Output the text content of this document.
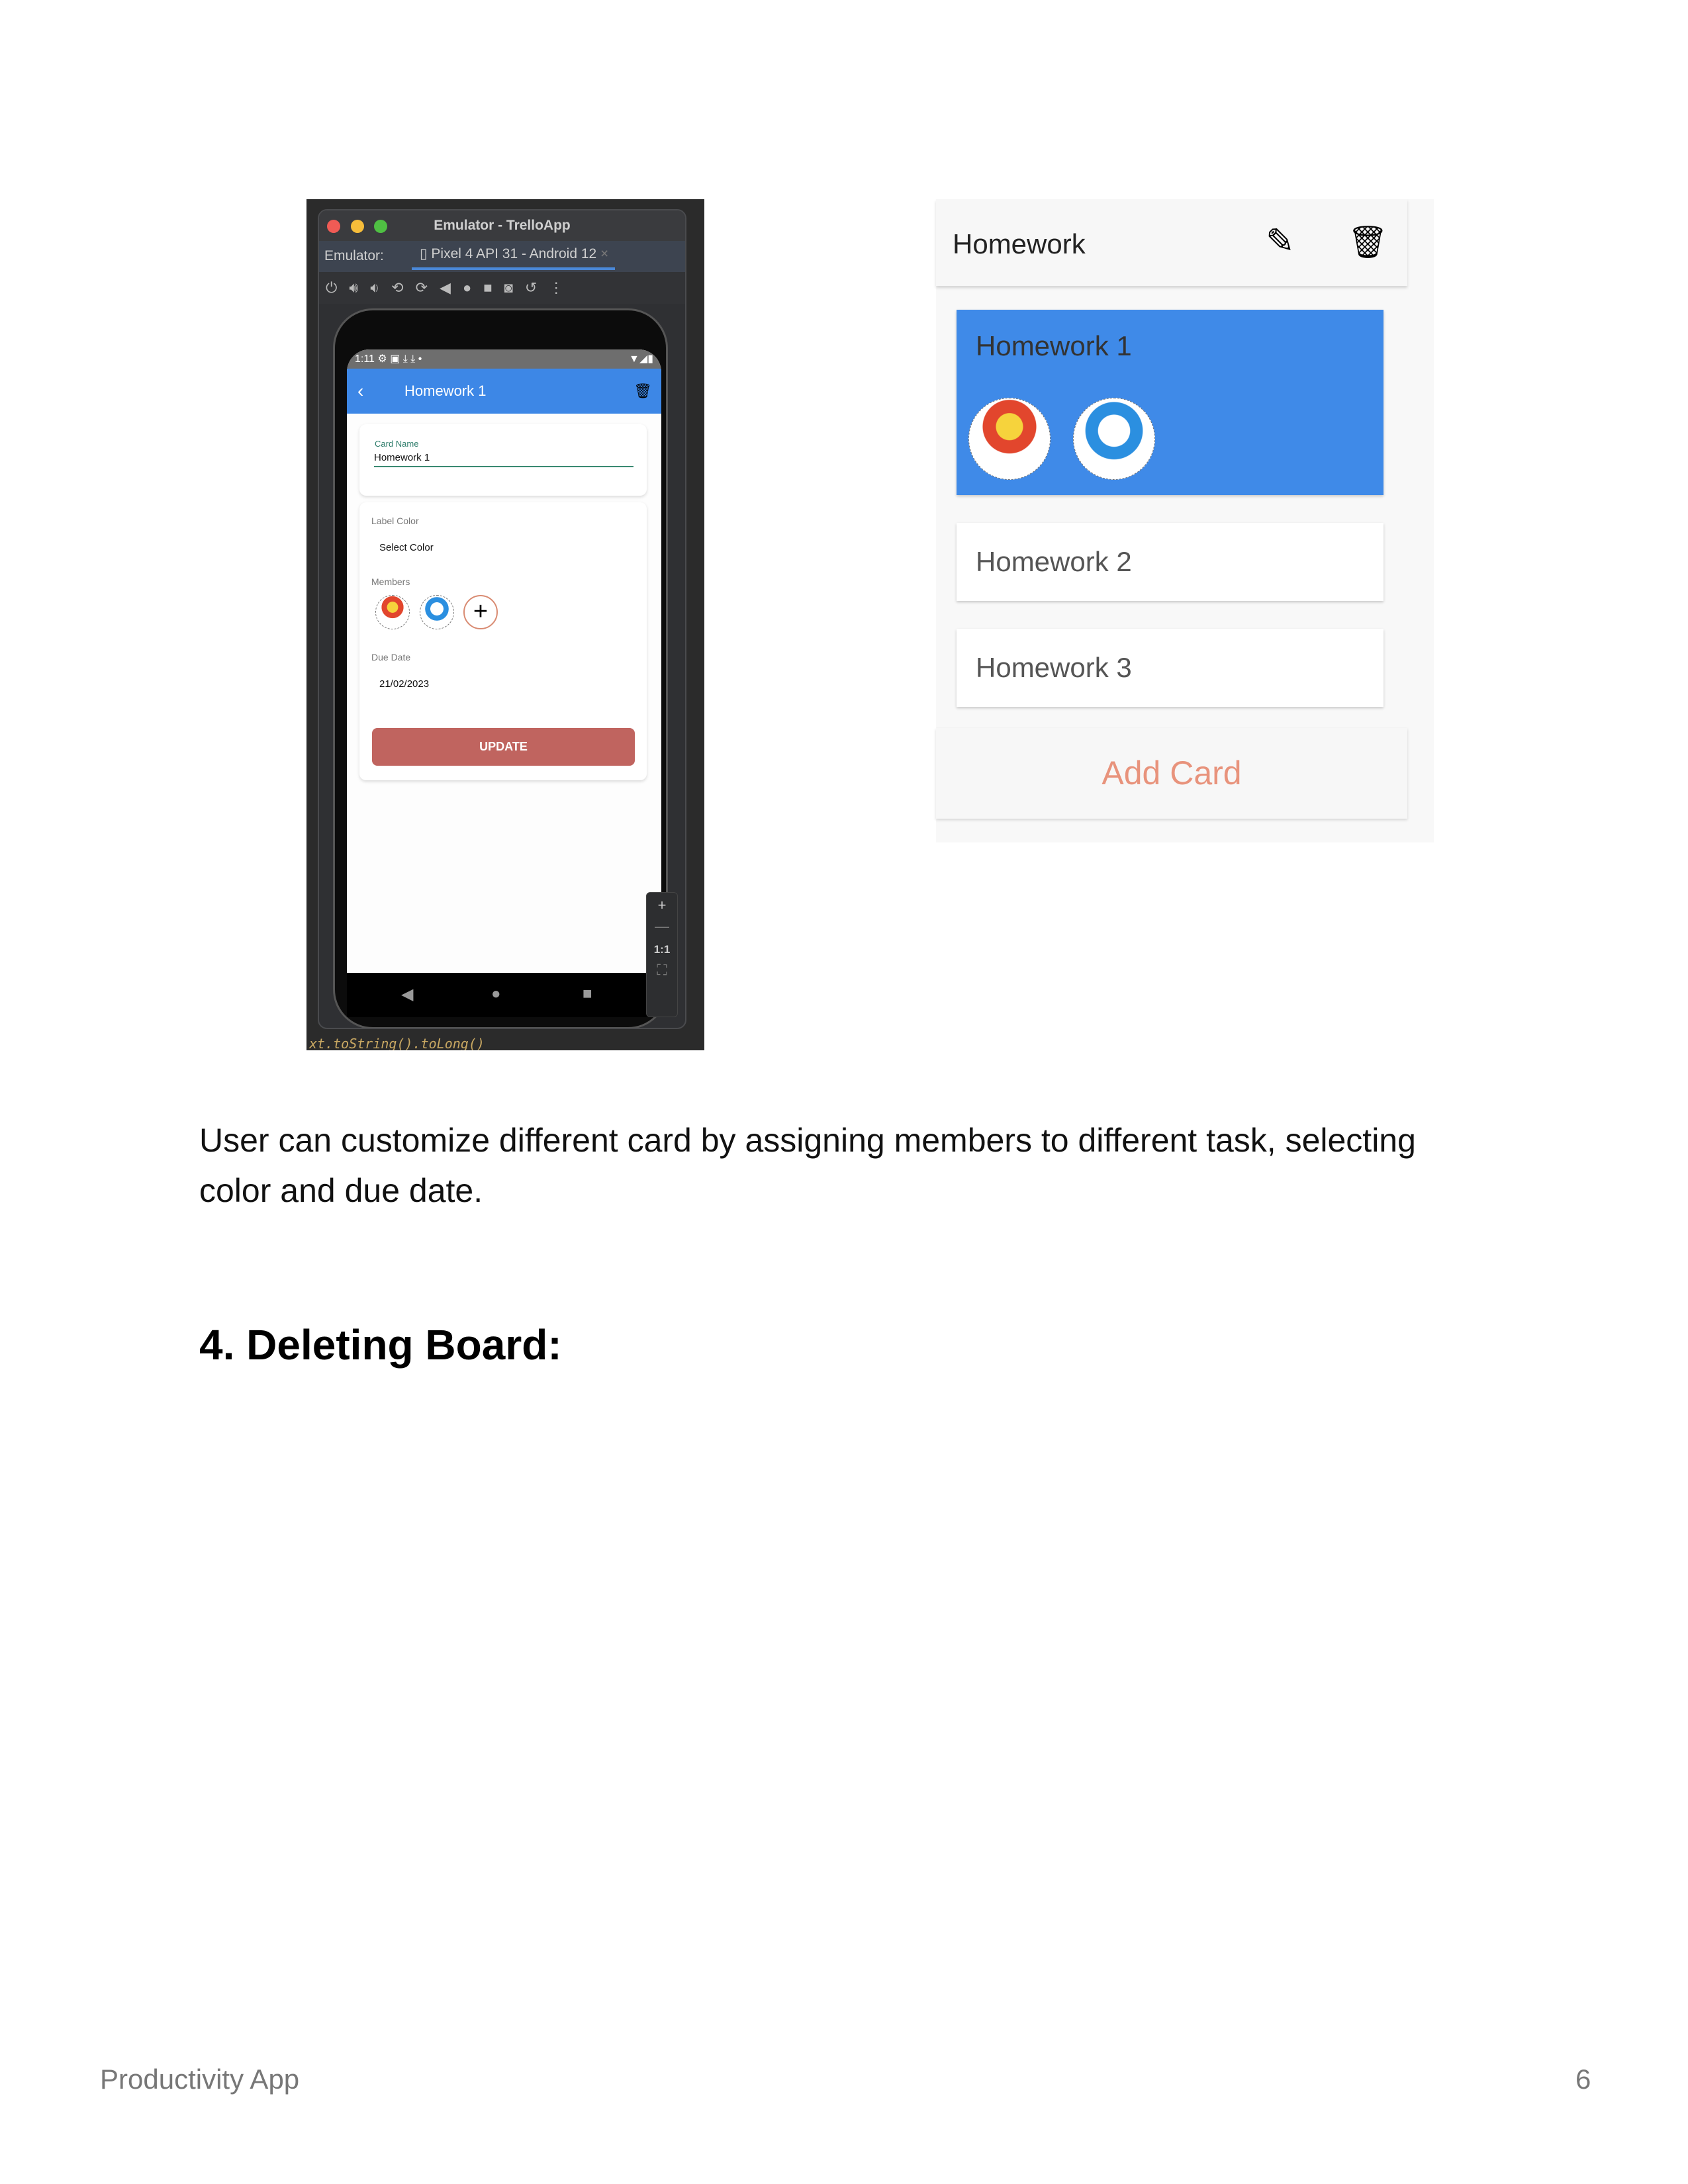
Emulator - TrelloApp
Emulator:	▯ Pixel 4 API 31 - Android 12 ×
⏻🔊︎🔉︎⟲⟳◀●■◙↺⋮
1:11 ⚙ ▣ ⤓ ⤓ •	▼◢▮
‹	Homework 1	🗑︎
Card Name
Homework 1
Label Color
Select Color
Members
+
Due Date
21/02/2023
UPDATE
◀	●	■
+
—
1:1
⛶
xt.toString().toLong()
Homework	✎ 🗑︎
Homework 1
Homework 2
Homework 3
Add Card

User can customize different card by assigning members to different task, selecting color and due date.

4. Deleting Board:
Productivity App	6
